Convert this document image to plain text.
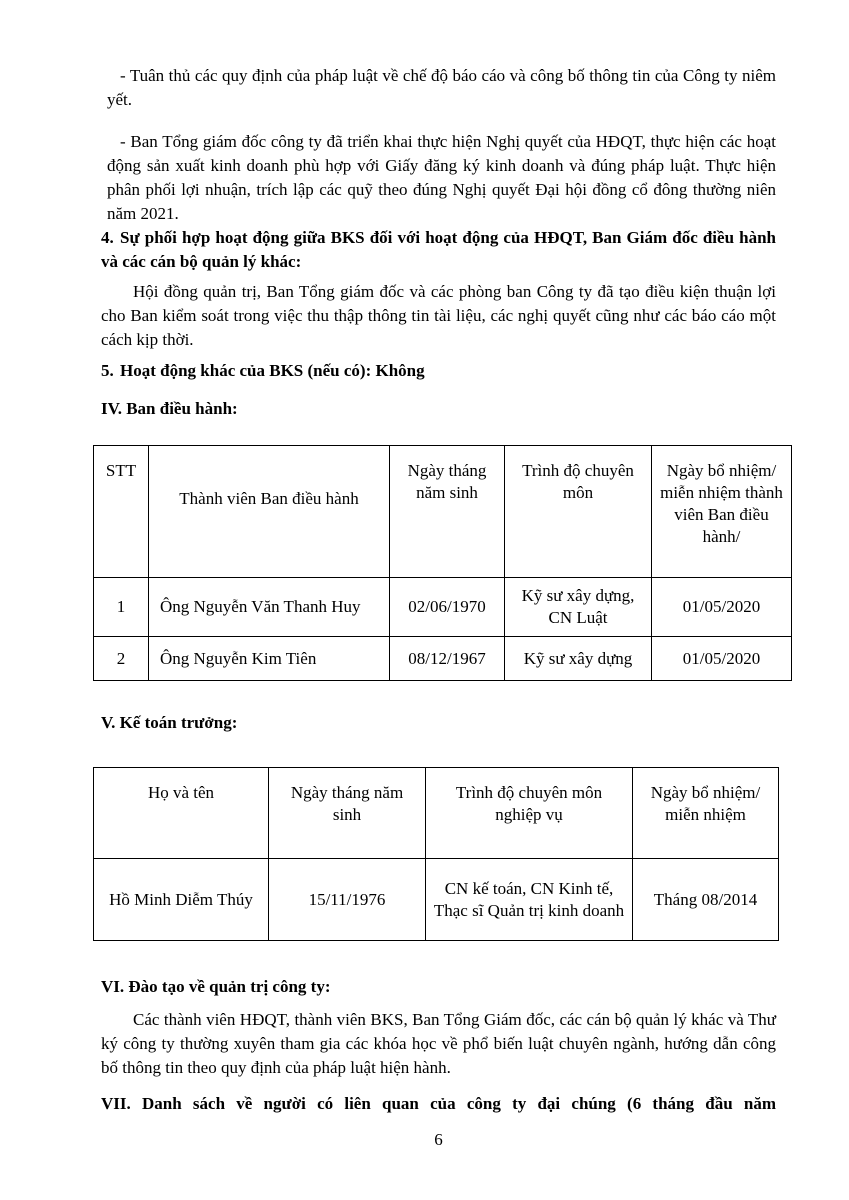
- Tuân thủ các quy định của pháp luật về chế độ báo cáo và công bố thông tin của Công ty niêm yết.

- Ban Tổng giám đốc công ty đã triển khai thực hiện Nghị quyết của HĐQT, thực hiện các hoạt động sản xuất kinh doanh phù hợp với Giấy đăng ký kinh doanh và đúng pháp luật. Thực hiện phân phối lợi nhuận, trích lập các quỹ theo đúng Nghị quyết Đại hội đồng cổ đông thường niên năm 2021.

4. Sự phối hợp hoạt động giữa BKS đối với hoạt động của HĐQT, Ban Giám đốc điều hành và các cán bộ quản lý khác:

Hội đồng quản trị, Ban Tổng giám đốc và các phòng ban Công ty đã tạo điều kiện thuận lợi cho Ban kiểm soát trong việc thu thập thông tin tài liệu, các nghị quyết cũng như các báo cáo một cách kịp thời.

5. Hoạt động khác của BKS (nếu có): Không

IV. Ban điều hành:

STT	Thành viên Ban điều hành	Ngày tháng năm sinh	Trình độ chuyên môn	Ngày bổ nhiệm/ miễn nhiệm thành viên Ban điều hành/
1	Ông Nguyễn Văn Thanh Huy	02/06/1970	Kỹ sư xây dựng, CN Luật	01/05/2020
2	Ông Nguyễn Kim Tiên	08/12/1967	Kỹ sư xây dựng	01/05/2020

V. Kế toán trưởng:

Họ và tên	Ngày tháng năm sinh	Trình độ chuyên môn nghiệp vụ	Ngày bổ nhiệm/ miễn nhiệm
Hồ Minh Diễm Thúy	15/11/1976	CN kế toán, CN Kinh tế, Thạc sĩ Quản trị kinh doanh	Tháng 08/2014

VI. Đào tạo về quản trị công ty:

Các thành viên HĐQT, thành viên BKS, Ban Tổng Giám đốc, các cán bộ quản lý khác và Thư ký công ty thường xuyên tham gia các khóa học về phổ biến luật chuyên ngành, hướng dẫn công bố thông tin theo quy định của pháp luật hiện hành.

VII. Danh sách về người có liên quan của công ty đại chúng (6 tháng đầu năm

6
